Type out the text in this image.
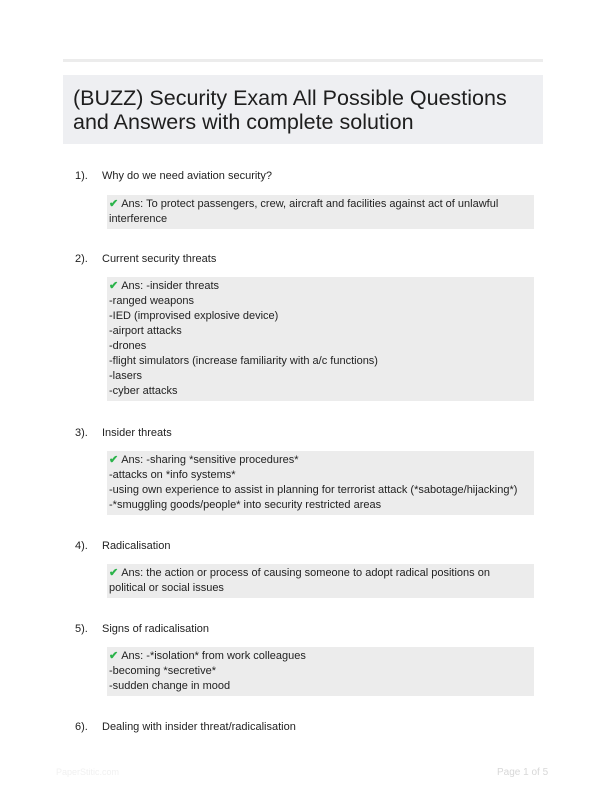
(BUZZ) Security Exam All Possible Questions and Answers with complete solution
1).	Why do we need aviation security?
✔ Ans: To protect passengers, crew, aircraft and facilities against act of unlawful interference
2).	Current security threats
✔ Ans: -insider threats
-ranged weapons
-IED (improvised explosive device)
-airport attacks
-drones
-flight simulators (increase familiarity with a/c functions)
-lasers
-cyber attacks
3).	Insider threats
✔ Ans: -sharing *sensitive procedures*
-attacks on *info systems*
-using own experience to assist in planning for terrorist attack (*sabotage/hijacking*)
-*smuggling goods/people* into security restricted areas
4).	Radicalisation
✔ Ans: the action or process of causing someone to adopt radical positions on political or social issues
5).	Signs of radicalisation
✔ Ans: -*isolation* from work colleagues
-becoming *secretive*
-sudden change in mood
6).	Dealing with insider threat/radicalisation
PaperStitic.com	Page 1 of 5
